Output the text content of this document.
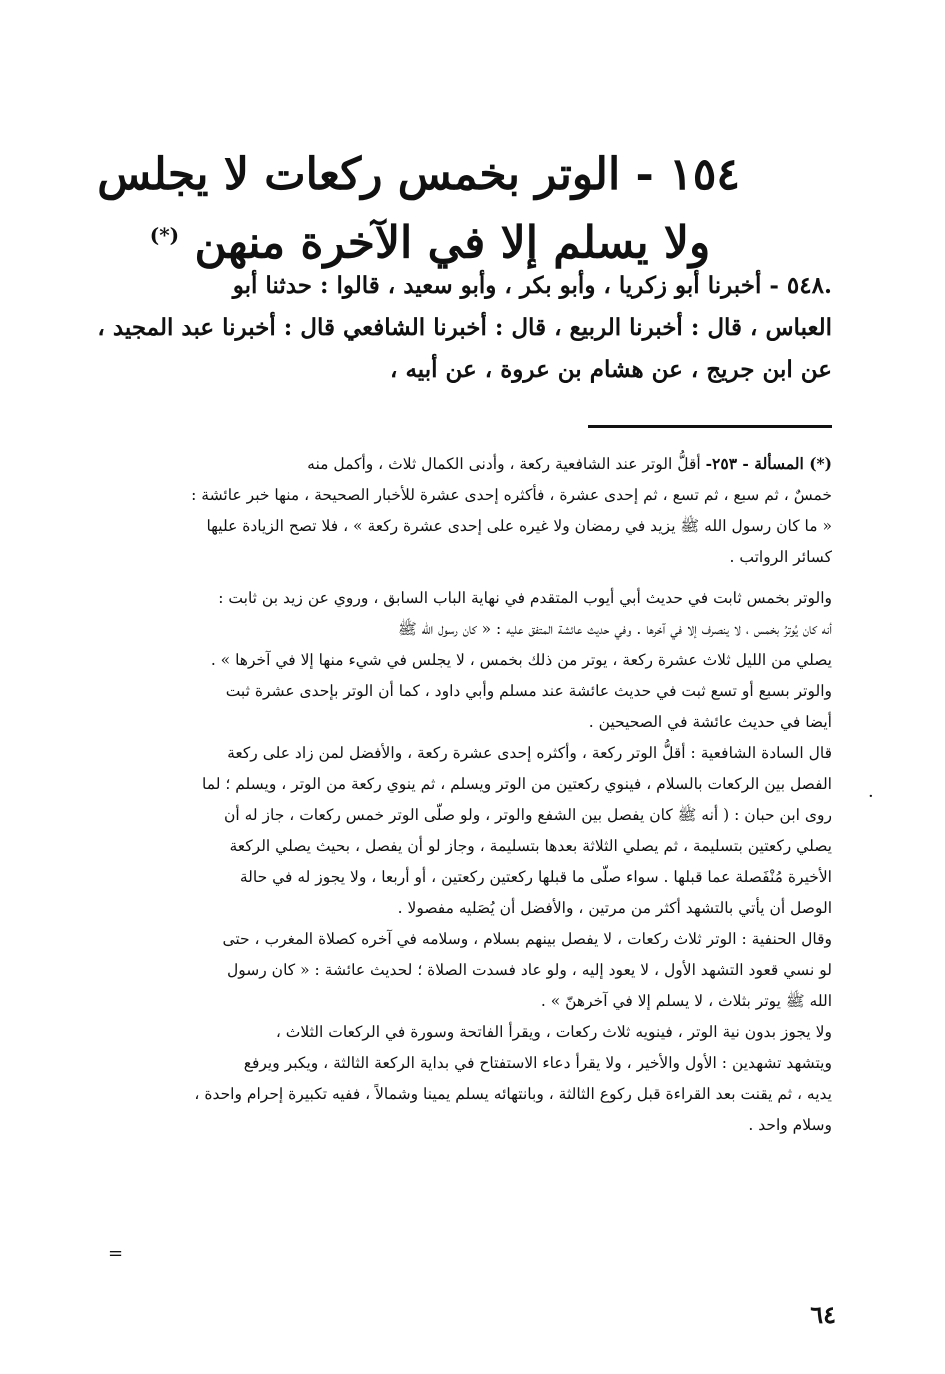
١٥٤ - الوتر بخمس ركعات لا يجلس
ولا يسلم إلا في الآخرة منهن (*)
.٥٤٨ - أخبرنا أبو زكريا ، وأبو بكر ، وأبو سعيد ، قالوا : حدثنا أبو
العباس ، قال : أخبرنا الربيع ، قال : أخبرنا الشافعي قال : أخبرنا عبد المجيد ،
عن ابن جريج ، عن هشام بن عروة ، عن أبيه ،
(*) المسألة - ٢٥٣- أقلُّ الوتر عند الشافعية ركعة ، وأدنى الكمال ثلاث ، وأكمل منه
خمسٌ ، ثم سبع ، ثم تسع ، ثم إحدى عشرة ، فأكثره إحدى عشرة للأخبار الصحيحة ، منها خبر عائشة :
« ما كان رسول الله ﷺ يزيد في رمضان ولا غيره على إحدى عشرة ركعة » ، فلا تصح الزيادة عليها
كسائر الرواتب .
والوتر بخمس ثابت في حديث أبي أيوب المتقدم في نهاية الباب السابق ، وروي عن زيد بن ثابت :
أنه كان يُوترُ بخمس ، لا ينصرف إلا في آخرها . وفي حديث عائشة المتفق عليه : « كان رسول الله ﷺ
يصلي من الليل ثلاث عشرة ركعة ، يوتر من ذلك بخمس ، لا يجلس في شيء منها إلا في آخرها » .
والوتر بسبع أو تسع ثبت في حديث عائشة عند مسلم وأبي داود ، كما أن الوتر بإحدى عشرة ثبت
أيضا في حديث عائشة في الصحيحين .
قال السادة الشافعية : أقلُّ الوتر ركعة ، وأكثره إحدى عشرة ركعة ، والأفضل لمن زاد على ركعة
الفصل بين الركعات بالسلام ، فينوي ركعتين من الوتر ويسلم ، ثم ينوي ركعة من الوتر ، ويسلم ؛ لما
روى ابن حبان : ( أنه ﷺ كان يفصل بين الشفع والوتر ، ولو صلّى الوتر خمس ركعات ، جاز له أن
يصلي ركعتين بتسليمة ، ثم يصلي الثلاثة بعدها بتسليمة ، وجاز لو أن يفصل ، بحيث يصلي الركعة
الأخيرة مُنْفَصلة عما قبلها . سواء صلّى ما قبلها ركعتين ركعتين ، أو أربعا ، ولا يجوز له في حالة
الوصل أن يأتي بالتشهد أكثر من مرتين ، والأفضل أن يُصَليه مفصولا .
وقال الحنفية : الوتر ثلاث ركعات ، لا يفصل بينهم بسلام ، وسلامه في آخره كصلاة المغرب ، حتى
لو نسي قعود التشهد الأول ، لا يعود إليه ، ولو عاد فسدت الصلاة ؛ لحديث عائشة : « كان رسول
الله ﷺ يوتر بثلاث ، لا يسلم إلا في آخرهنّ » .
ولا يجوز بدون نية الوتر ، فينويه ثلاث ركعات ، ويقرأ الفاتحة وسورة في الركعات الثلاث ،
ويتشهد تشهدين : الأول والأخير ، ولا يقرأ دعاء الاستفتاح في بداية الركعة الثالثة ، ويكبر ويرفع
يديه ، ثم يقنت بعد القراءة قبل ركوع الثالثة ، وبانتهائه يسلم يمينا وشمالاً ، ففيه تكبيرة إحرام واحدة ،
وسلام واحد .
·
=
٦٤
